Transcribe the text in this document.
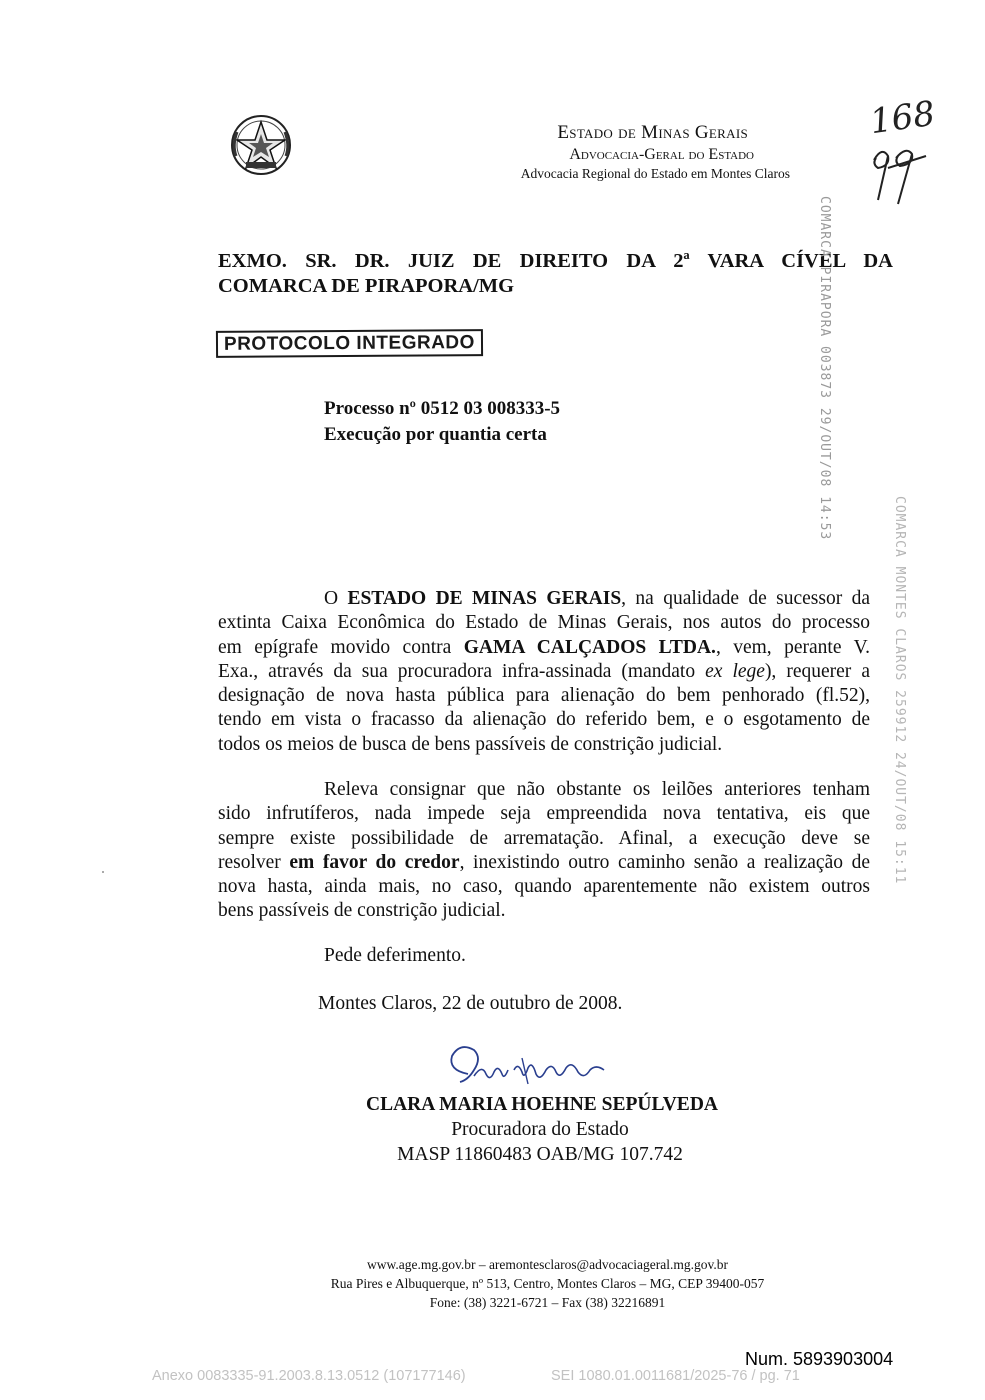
Estado de Minas Gerais
Advocacia-Geral do Estado
Advocacia Regional do Estado em Montes Claros
168
EXMO. SR. DR. JUIZ DE DIREITO DA 2ª VARA CÍVEL DA
COMARCA DE PIRAPORA/MG
PROTOCOLO INTEGRADO	COMARCA PIRAPORA 003873 29/OUT/08 14:53
COMARCA MONTES CLAROS 259912 24/OUT/08 15:11
Processo nº 0512 03 008333-5
Execução por quantia certa
O ESTADO DE MINAS GERAIS, na qualidade de sucessor da
extinta Caixa Econômica do Estado de Minas Gerais, nos autos do processo
em epígrafe movido contra GAMA CALÇADOS LTDA., vem, perante V.
Exa., através da sua procuradora infra-assinada (mandato ex lege), requerer a
designação de nova hasta pública para alienação do bem penhorado (fl.52),
tendo em vista o fracasso da alienação do referido bem, e o esgotamento de
todos os meios de busca de bens passíveis de constrição judicial.
Releva consignar que não obstante os leilões anteriores tenham
sido infrutíferos, nada impede seja empreendida nova tentativa, eis que
sempre existe possibilidade de arrematação. Afinal, a execução deve se
resolver em favor do credor, inexistindo outro caminho senão a realização de
nova hasta, ainda mais, no caso, quando aparentemente não existem outros
bens passíveis de constrição judicial.
Pede deferimento.
Montes Claros, 22 de outubro de 2008.
CLARA MARIA HOEHNE SEPÚLVEDA
Procuradora do Estado
MASP 11860483 OAB/MG 107.742
www.age.mg.gov.br – aremontesclaros@advocaciageral.mg.gov.br
Rua Pires e Albuquerque, nº 513, Centro, Montes Claros – MG, CEP 39400-057
Fone: (38) 3221-6721 – Fax (38) 32216891
Num. 5893903004
Anexo 0083335-91.2003.8.13.0512 (107177146)	SEI 1080.01.0011681/2025-76 / pg. 71
